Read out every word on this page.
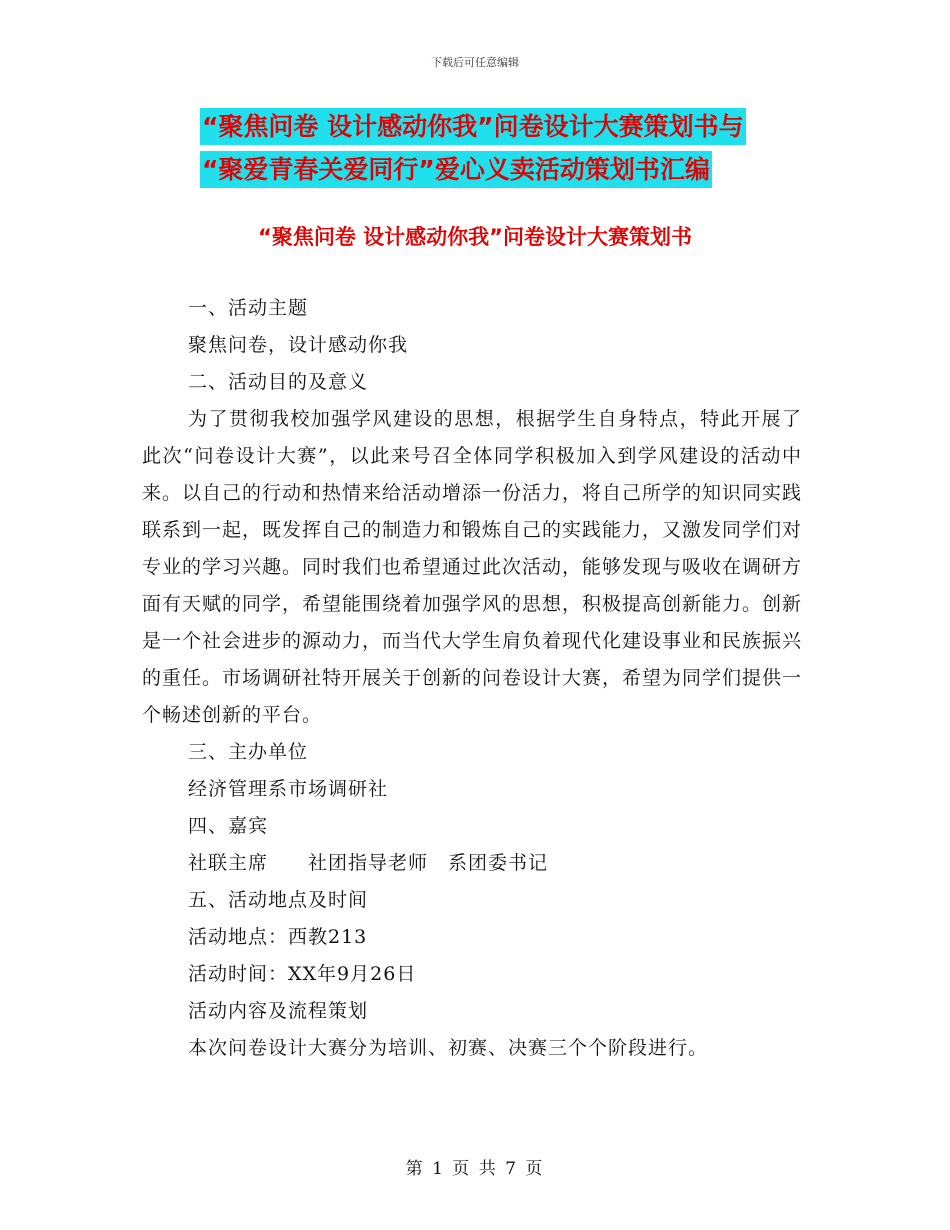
下载后可任意编辑
“聚焦问卷 设计感动你我”问卷设计大赛策划书与
“聚爱青春关爱同行”爱心义卖活动策划书汇编
“聚焦问卷 设计感动你我”问卷设计大赛策划书

一、活动主题

聚焦问卷，设计感动你我

二、活动目的及意义

为了贯彻我校加强学风建设的思想，根据学生自身特点，特此开展了此次“问卷设计大赛”，以此来号召全体同学积极加入到学风建设的活动中来。以自己的行动和热情来给活动增添一份活力，将自己所学的知识同实践联系到一起，既发挥自己的制造力和锻炼自己的实践能力，又激发同学们对专业的学习兴趣。同时我们也希望通过此次活动，能够发现与吸收在调研方面有天赋的同学，希望能围绕着加强学风的思想，积极提高创新能力。创新是一个社会进步的源动力，而当代大学生肩负着现代化建设事业和民族振兴的重任。市场调研社特开展关于创新的问卷设计大赛，希望为同学们提供一个畅述创新的平台。

三、主办单位

经济管理系市场调研社

四、嘉宾

社联主席　　社团指导老师　系团委书记

五、活动地点及时间

活动地点：西教213

活动时间：XX年9月26日

活动内容及流程策划

本次问卷设计大赛分为培训、初赛、决赛三个个阶段进行。

第 1 页 共 7 页
